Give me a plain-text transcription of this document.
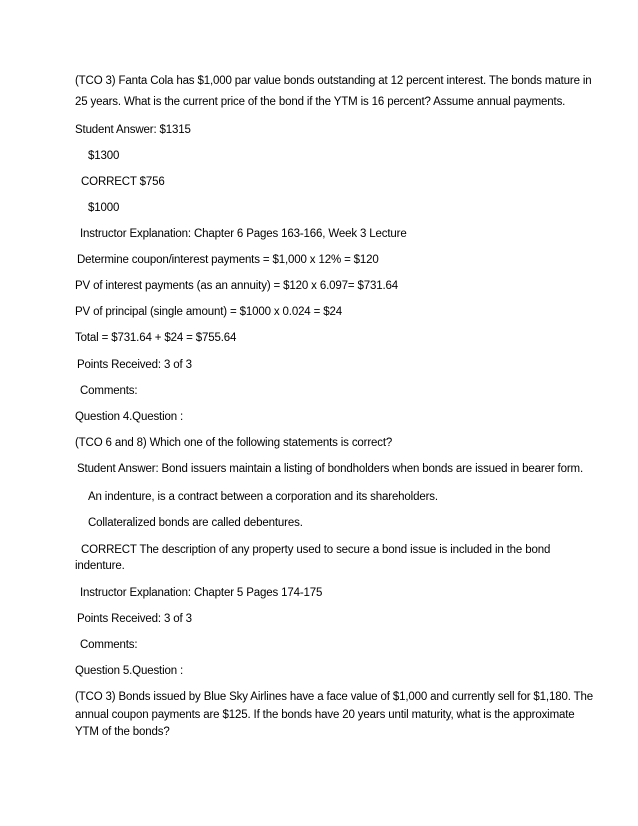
(TCO 3) Fanta Cola has $1,000 par value bonds outstanding at 12 percent interest. The bonds mature in
25 years. What is the current price of the bond if the YTM is 16 percent? Assume annual payments.
Student Answer: $1315
$1300
CORRECT $756
$1000
Instructor Explanation: Chapter 6 Pages 163-166, Week 3 Lecture
Determine coupon/interest payments = $1,000 x 12% = $120
PV of interest payments (as an annuity) = $120 x 6.097= $731.64
PV of principal (single amount) = $1000 x 0.024 = $24
Total = $731.64 + $24 = $755.64
Points Received: 3 of 3
Comments:
Question 4.Question :
(TCO 6 and 8) Which one of the following statements is correct?
Student Answer: Bond issuers maintain a listing of bondholders when bonds are issued in bearer form.
An indenture, is a contract between a corporation and its shareholders.
Collateralized bonds are called debentures.
CORRECT The description of any property used to secure a bond issue is included in the bond
indenture.
Instructor Explanation: Chapter 5 Pages 174-175
Points Received: 3 of 3
Comments:
Question 5.Question :
(TCO 3) Bonds issued by Blue Sky Airlines have a face value of $1,000 and currently sell for $1,180. The
annual coupon payments are $125. If the bonds have 20 years until maturity, what is the approximate
YTM of the bonds?
